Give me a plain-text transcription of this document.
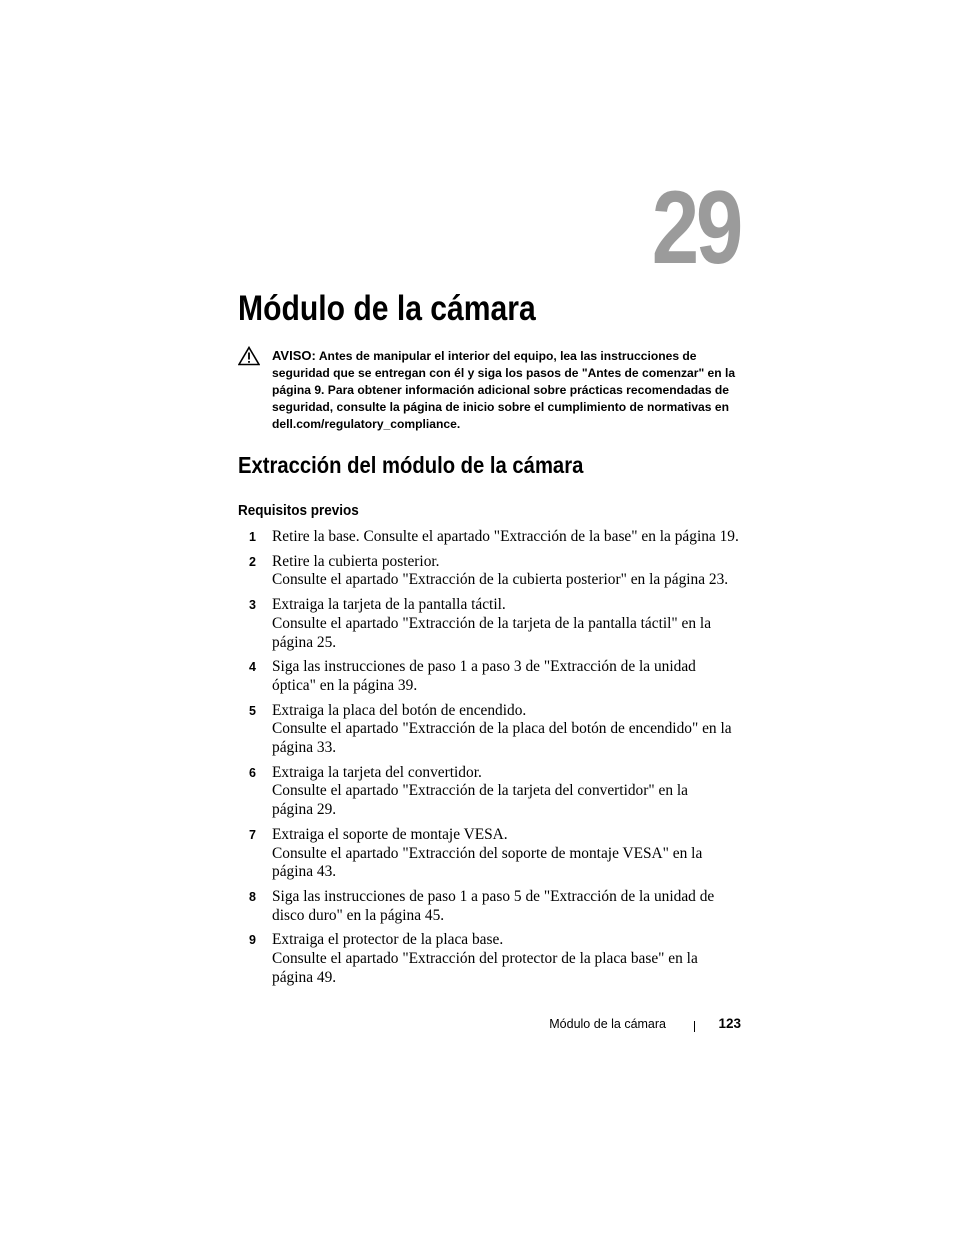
29
Módulo de la cámara
AVISO: Antes de manipular el interior del equipo, lea las instrucciones de
seguridad que se entregan con él y siga los pasos de "Antes de comenzar" en la
página 9. Para obtener información adicional sobre prácticas recomendadas de
seguridad, consulte la página de inicio sobre el cumplimiento de normativas en
dell.com/regulatory_compliance.
Extracción del módulo de la cámara
Requisitos previos
1 Retire la base. Consulte el apartado "Extracción de la base" en la página 19.
2 Retire la cubierta posterior.
Consulte el apartado "Extracción de la cubierta posterior" en la página 23.
3 Extraiga la tarjeta de la pantalla táctil.
Consulte el apartado "Extracción de la tarjeta de la pantalla táctil" en la
página 25.
4 Siga las instrucciones de paso 1 a paso 3 de "Extracción de la unidad
óptica" en la página 39.
5 Extraiga la placa del botón de encendido.
Consulte el apartado "Extracción de la placa del botón de encendido" en la
página 33.
6 Extraiga la tarjeta del convertidor.
Consulte el apartado "Extracción de la tarjeta del convertidor" en la
página 29.
7 Extraiga el soporte de montaje VESA.
Consulte el apartado "Extracción del soporte de montaje VESA" en la
página 43.
8 Siga las instrucciones de paso 1 a paso 5 de "Extracción de la unidad de
disco duro" en la página 45.
9 Extraiga el protector de la placa base.
Consulte el apartado "Extracción del protector de la placa base" en la
página 49.
Módulo de la cámara	123
